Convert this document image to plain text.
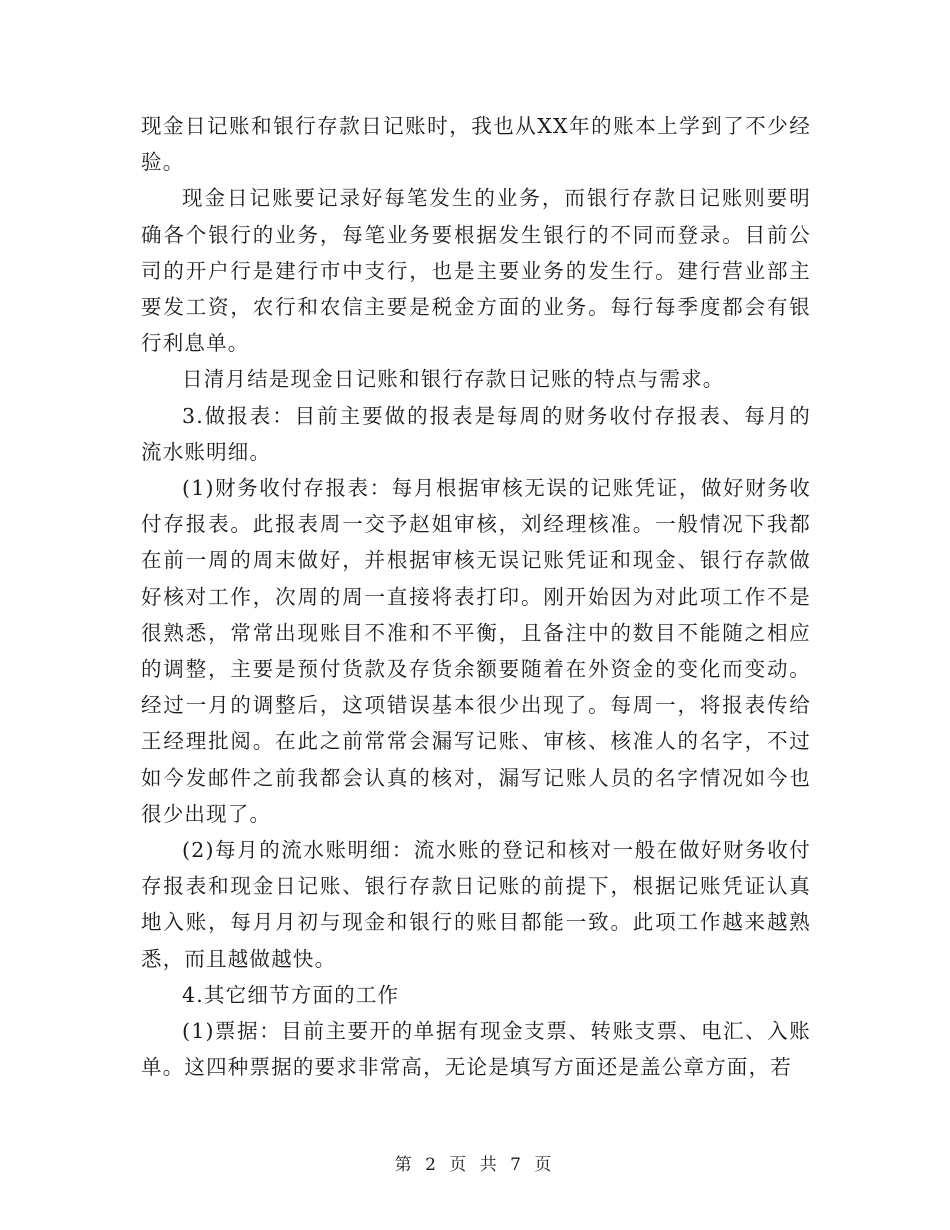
现金日记账和银行存款日记账时，我也从XX年的账本上学到了不少经验。

现金日记账要记录好每笔发生的业务，而银行存款日记账则要明确各个银行的业务，每笔业务要根据发生银行的不同而登录。目前公司的开户行是建行市中支行，也是主要业务的发生行。建行营业部主要发工资，农行和农信主要是税金方面的业务。每行每季度都会有银行利息单。

日清月结是现金日记账和银行存款日记账的特点与需求。

3.做报表：目前主要做的报表是每周的财务收付存报表、每月的流水账明细。

(1)财务收付存报表：每月根据审核无误的记账凭证，做好财务收付存报表。此报表周一交予赵姐审核，刘经理核准。一般情况下我都在前一周的周末做好，并根据审核无误记账凭证和现金、银行存款做好核对工作，次周的周一直接将表打印。刚开始因为对此项工作不是很熟悉，常常出现账目不准和不平衡，且备注中的数目不能随之相应的调整，主要是预付货款及存货余额要随着在外资金的变化而变动。经过一月的调整后，这项错误基本很少出现了。每周一，将报表传给王经理批阅。在此之前常常会漏写记账、审核、核准人的名字，不过如今发邮件之前我都会认真的核对，漏写记账人员的名字情况如今也很少出现了。

(2)每月的流水账明细：流水账的登记和核对一般在做好财务收付存报表和现金日记账、银行存款日记账的前提下，根据记账凭证认真地入账，每月月初与现金和银行的账目都能一致。此项工作越来越熟悉，而且越做越快。

4.其它细节方面的工作

(1)票据：目前主要开的单据有现金支票、转账支票、电汇、入账单。这四种票据的要求非常高，无论是填写方面还是盖公章方面，若

第 2 页 共 7 页
